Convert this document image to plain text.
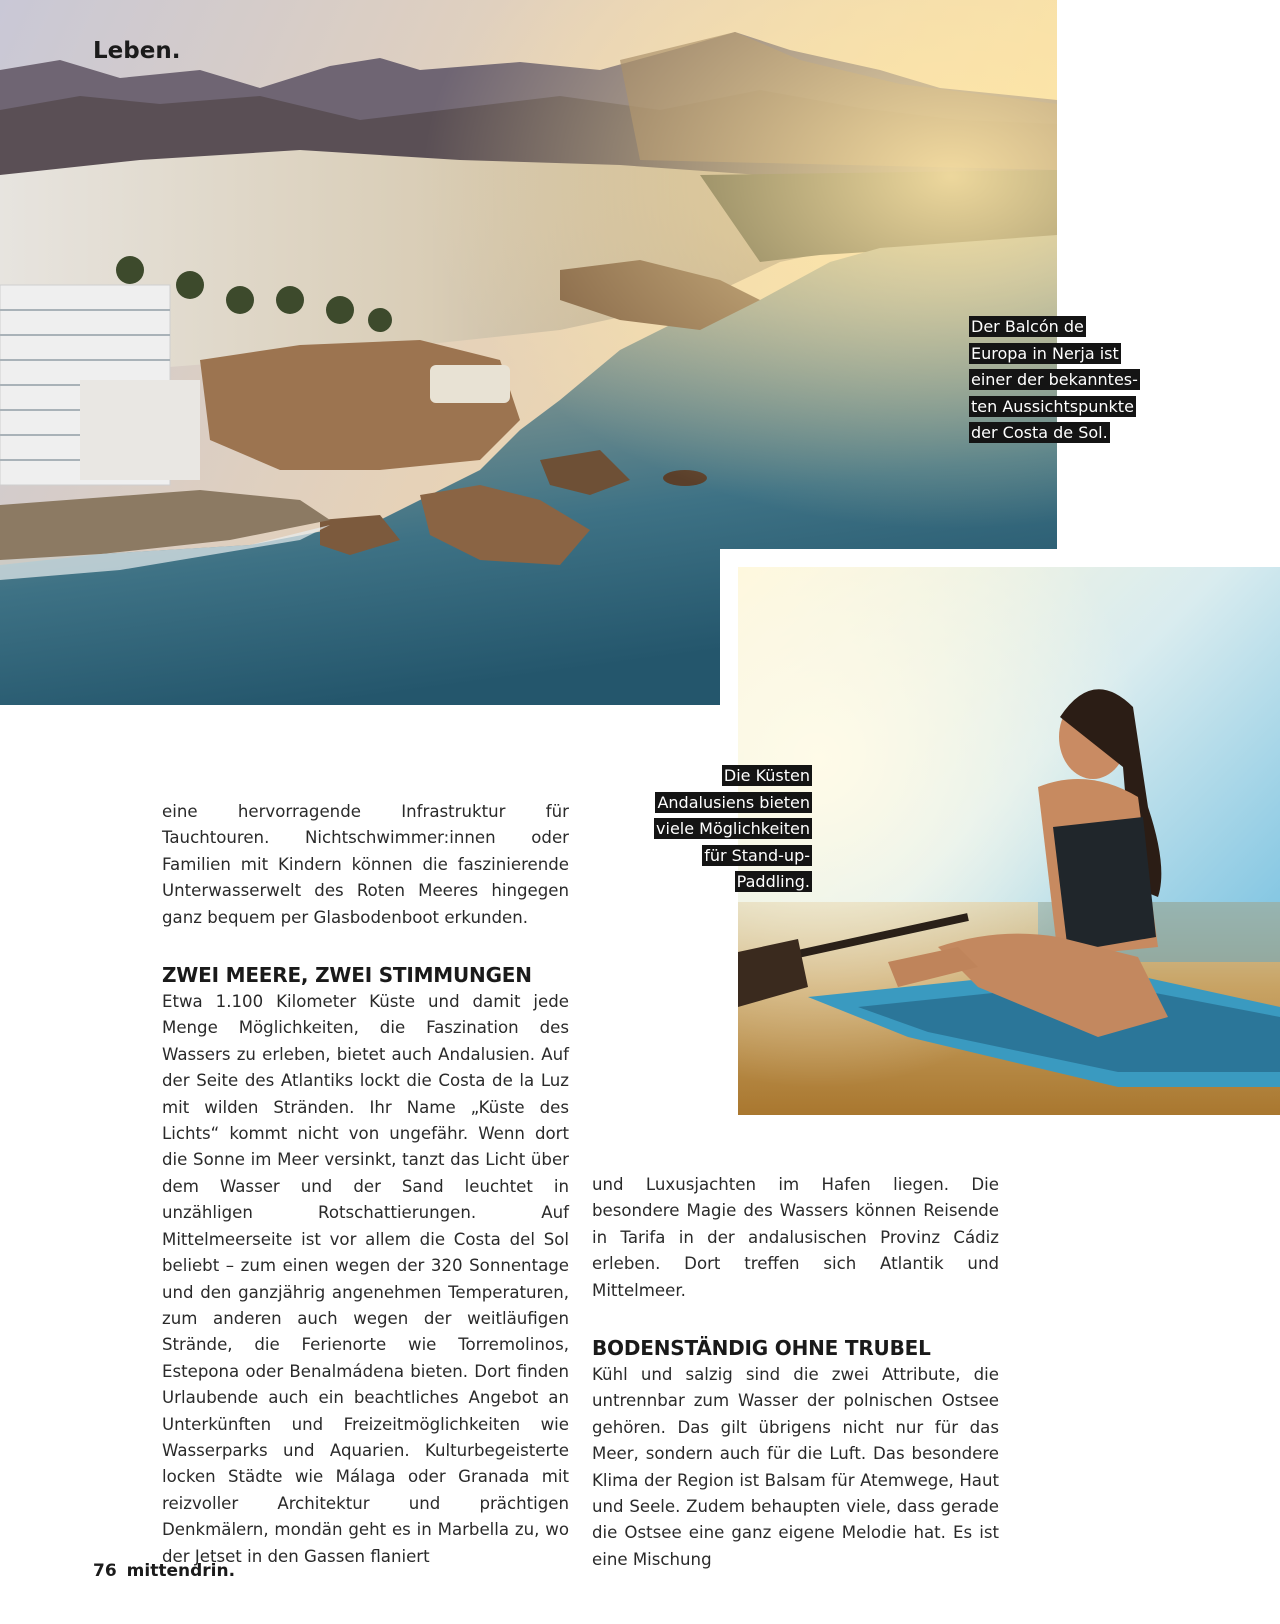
Leben.
Der Balcón de
Europa in Nerja ist
einer der bekanntes-
ten Aussichtspunkte
der Costa de Sol.
Die Küsten
Andalusiens bieten
viele Möglichkeiten
für Stand-up-
Paddling.

eine hervorragende Infrastruktur für Tauchtouren. Nichtschwimmer:innen oder Familien mit Kindern können die faszinierende Unterwasserwelt des Roten Meeres hingegen ganz bequem per Glasbodenboot erkunden.

ZWEI MEERE, ZWEI STIMMUNGEN

Etwa 1.100 Kilometer Küste und damit jede Menge Möglichkeiten, die Faszination des Wassers zu erleben, bietet auch Andalusien. Auf der Seite des Atlantiks lockt die Costa de la Luz mit wilden Stränden. Ihr Name „Küste des Lichts“ kommt nicht von ungefähr. Wenn dort die Sonne im Meer versinkt, tanzt das Licht über dem Wasser und der Sand leuchtet in unzähligen Rotschattierungen. Auf Mittelmeerseite ist vor allem die Costa del Sol beliebt – zum einen wegen der 320 Sonnentage und den ganzjährig angenehmen Temperaturen, zum anderen auch wegen der weitläufigen Strände, die Ferienorte wie Torremolinos, Estepona oder Benalmádena bieten. Dort finden Urlaubende auch ein beachtliches Angebot an Unterkünften und Freizeitmöglichkeiten wie Wasserparks und Aquarien. Kulturbegeisterte locken Städte wie Málaga oder Granada mit reizvoller Architektur und prächtigen Denkmälern, mondän geht es in Marbella zu, wo der Jetset in den Gassen flaniert

und Luxusjachten im Hafen liegen. Die besondere Magie des Wassers können Reisende in Tarifa in der andalusischen Provinz Cádiz erleben. Dort treffen sich Atlantik und Mittelmeer.

BODENSTÄNDIG OHNE TRUBEL

Kühl und salzig sind die zwei Attribute, die untrennbar zum Wasser der polnischen Ostsee gehören. Das gilt übrigens nicht nur für das Meer, sondern auch für die Luft. Das besondere Klima der Region ist Balsam für Atemwege, Haut und Seele. Zudem behaupten viele, dass gerade die Ostsee eine ganz eigene Melodie hat. Es ist eine Mischung

76 mittendrin.
